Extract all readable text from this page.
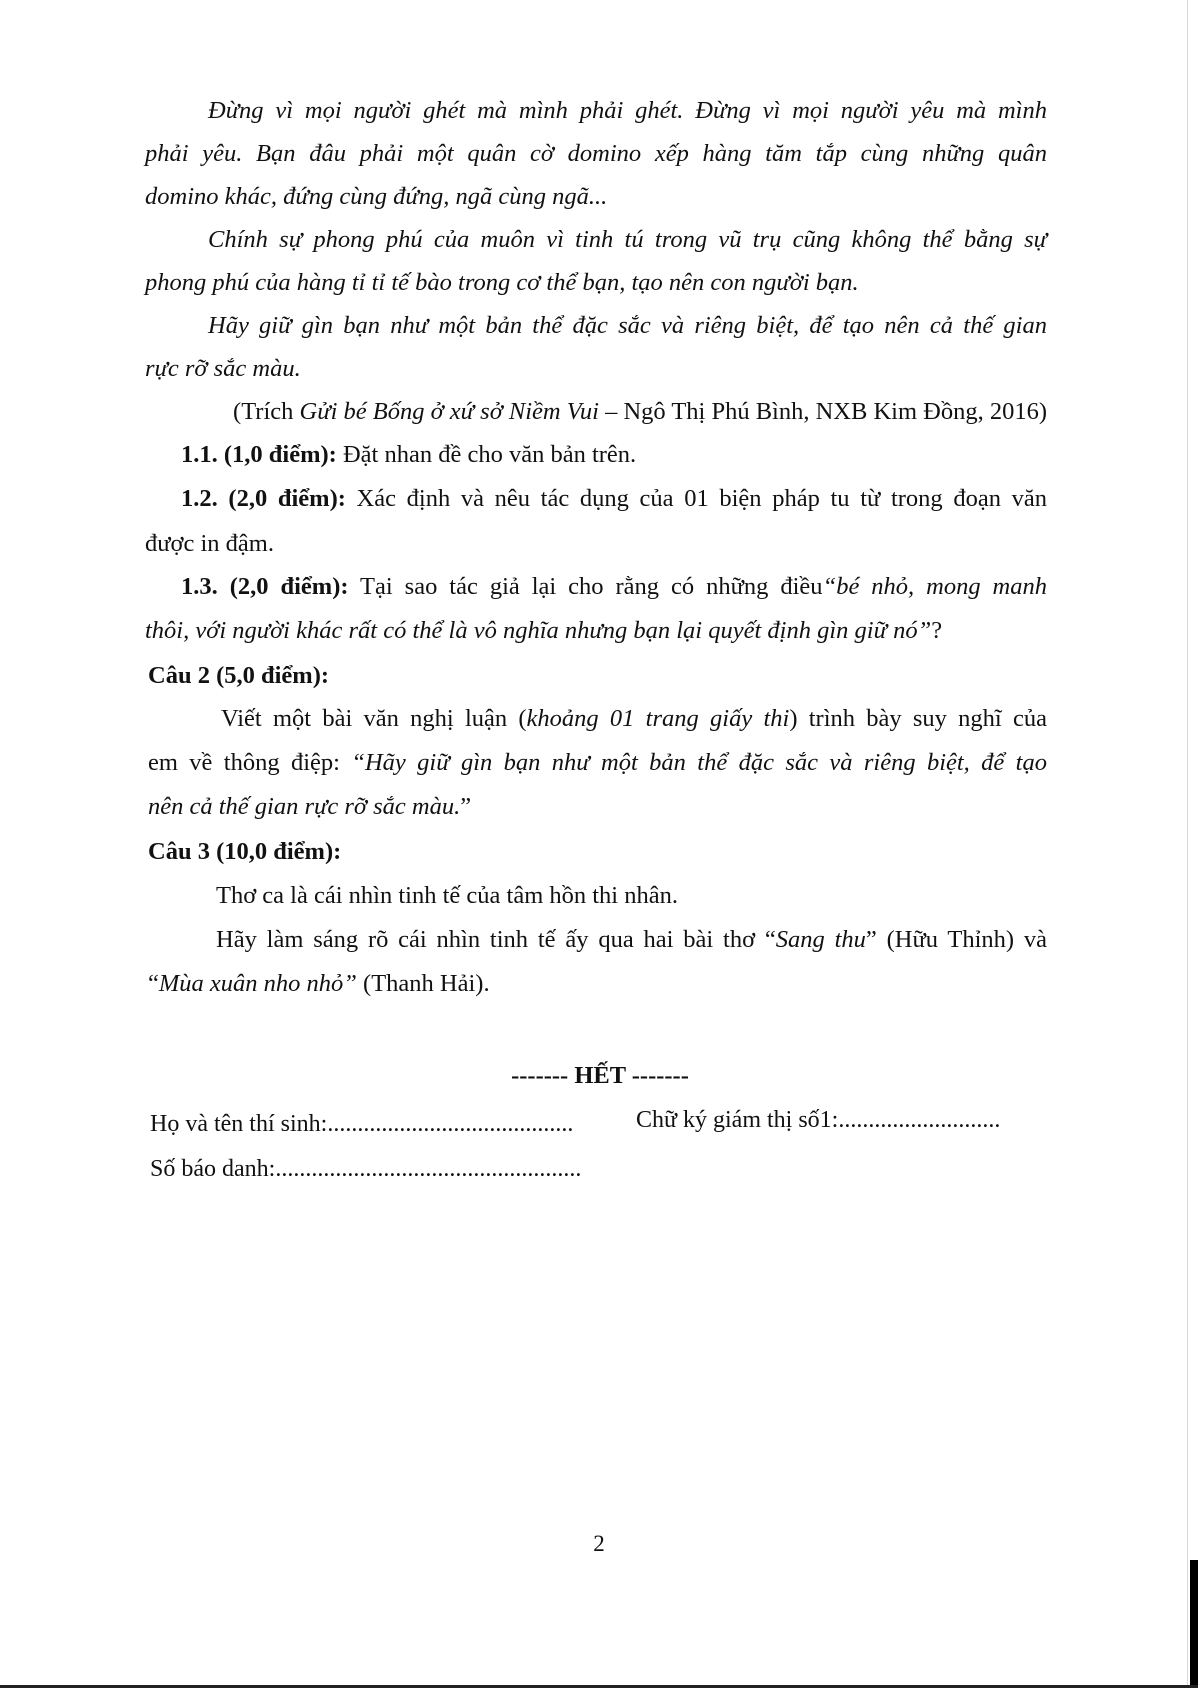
Đừng vì mọi người ghét mà mình phải ghét. Đừng vì mọi người yêu mà mình
phải yêu. Bạn đâu phải một quân cờ domino xếp hàng tăm tắp cùng những quân
domino khác, đứng cùng đứng, ngã cùng ngã...
Chính sự phong phú của muôn vì tinh tú trong vũ trụ cũng không thể bằng sự
phong phú của hàng tỉ tỉ tế bào trong cơ thể bạn, tạo nên con người bạn.
Hãy giữ gìn bạn như một bản thể đặc sắc và riêng biệt, để tạo nên cả thế gian
rực rỡ sắc màu.
(Trích Gửi bé Bống ở xứ sở Niềm Vui – Ngô Thị Phú Bình, NXB Kim Đồng, 2016)
1.1. (1,0 điểm): Đặt nhan đề cho văn bản trên.
1.2. (2,0 điểm): Xác định và nêu tác dụng của 01 biện pháp tu từ trong đoạn văn
được in đậm.
1.3. (2,0 điểm): Tại sao tác giả lại cho rằng có những điều“bé nhỏ, mong manh
thôi, với người khác rất có thể là vô nghĩa nhưng bạn lại quyết định gìn giữ nó”?
Câu 2 (5,0 điểm):
Viết một bài văn nghị luận (khoảng 01 trang giấy thi) trình bày suy nghĩ của
em về thông điệp: “Hãy giữ gìn bạn như một bản thể đặc sắc và riêng biệt, để tạo
nên cả thế gian rực rỡ sắc màu.”
Câu 3 (10,0 điểm):
Thơ ca là cái nhìn tinh tế của tâm hồn thi nhân.
Hãy làm sáng rõ cái nhìn tinh tế ấy qua hai bài thơ “Sang thu” (Hữu Thỉnh) và
“Mùa xuân nho nhỏ” (Thanh Hải).
------- HẾT -------
Họ và tên thí sinh:.........................................	Chữ ký giám thị số1:...........................
Số báo danh:...................................................
2
